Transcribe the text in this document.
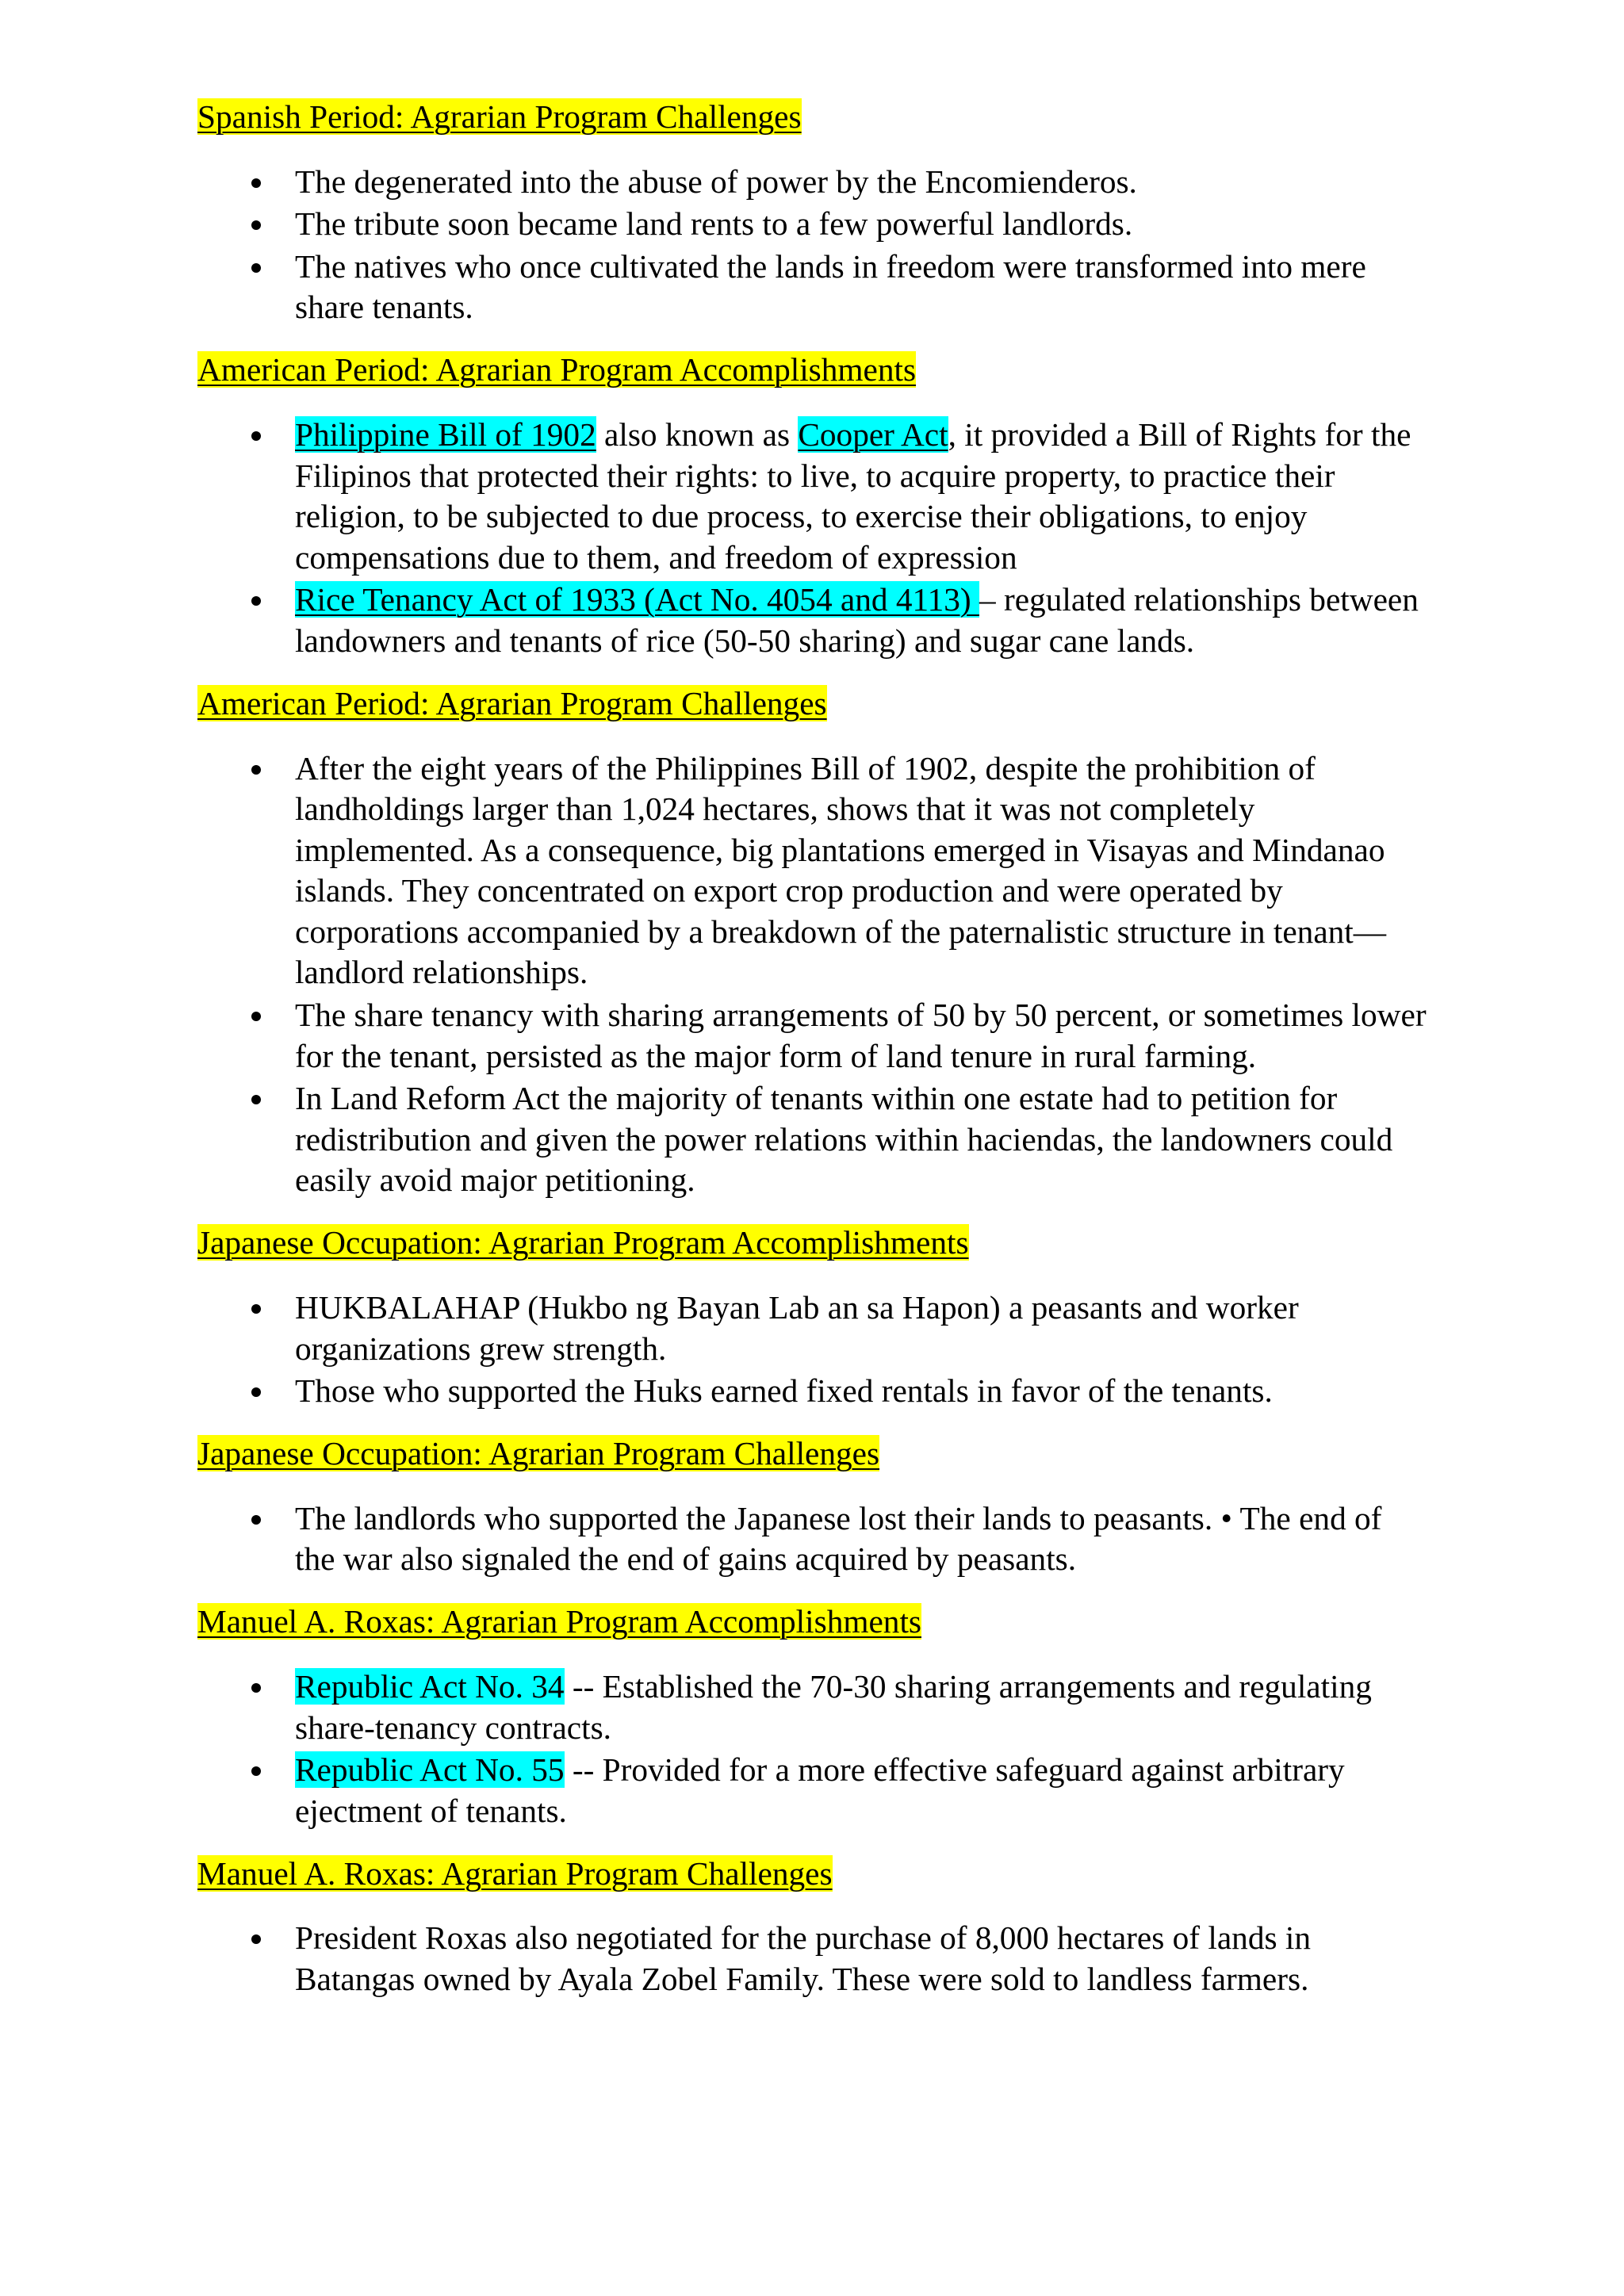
Spanish Period: Agrarian Program Challenges
The degenerated into the abuse of power by the Encomienderos.
The tribute soon became land rents to a few powerful landlords.
The natives who once cultivated the lands in freedom were transformed into mere
share tenants.
American Period: Agrarian Program Accomplishments
Philippine Bill of 1902 also known as Cooper Act, it provided a Bill of Rights for the
Filipinos that protected their rights: to live, to acquire property, to practice their
religion, to be subjected to due process, to exercise their obligations, to enjoy
compensations due to them, and freedom of expression
Rice Tenancy Act of 1933 (Act No. 4054 and 4113) – regulated relationships between
landowners and tenants of rice (50-50 sharing) and sugar cane lands.
American Period: Agrarian Program Challenges
After the eight years of the Philippines Bill of 1902, despite the prohibition of
landholdings larger than 1,024 hectares, shows that it was not completely
implemented. As a consequence, big plantations emerged in Visayas and Mindanao
islands. They concentrated on export crop production and were operated by
corporations accompanied by a breakdown of the paternalistic structure in tenant—
landlord relationships.
The share tenancy with sharing arrangements of 50 by 50 percent, or sometimes lower
for the tenant, persisted as the major form of land tenure in rural farming.
In Land Reform Act the majority of tenants within one estate had to petition for
redistribution and given the power relations within haciendas, the landowners could
easily avoid major petitioning.
Japanese Occupation: Agrarian Program Accomplishments
HUKBALAHAP (Hukbo ng Bayan Lab an sa Hapon) a peasants and worker
organizations grew strength.
Those who supported the Huks earned fixed rentals in favor of the tenants.
Japanese Occupation: Agrarian Program Challenges
The landlords who supported the Japanese lost their lands to peasants. • The end of
the war also signaled the end of gains acquired by peasants.
Manuel A. Roxas: Agrarian Program Accomplishments
Republic Act No. 34 -- Established the 70-30 sharing arrangements and regulating
share-tenancy contracts.
Republic Act No. 55 -- Provided for a more effective safeguard against arbitrary
ejectment of tenants.
Manuel A. Roxas: Agrarian Program Challenges
President Roxas also negotiated for the purchase of 8,000 hectares of lands in
Batangas owned by Ayala Zobel Family. These were sold to landless farmers.
